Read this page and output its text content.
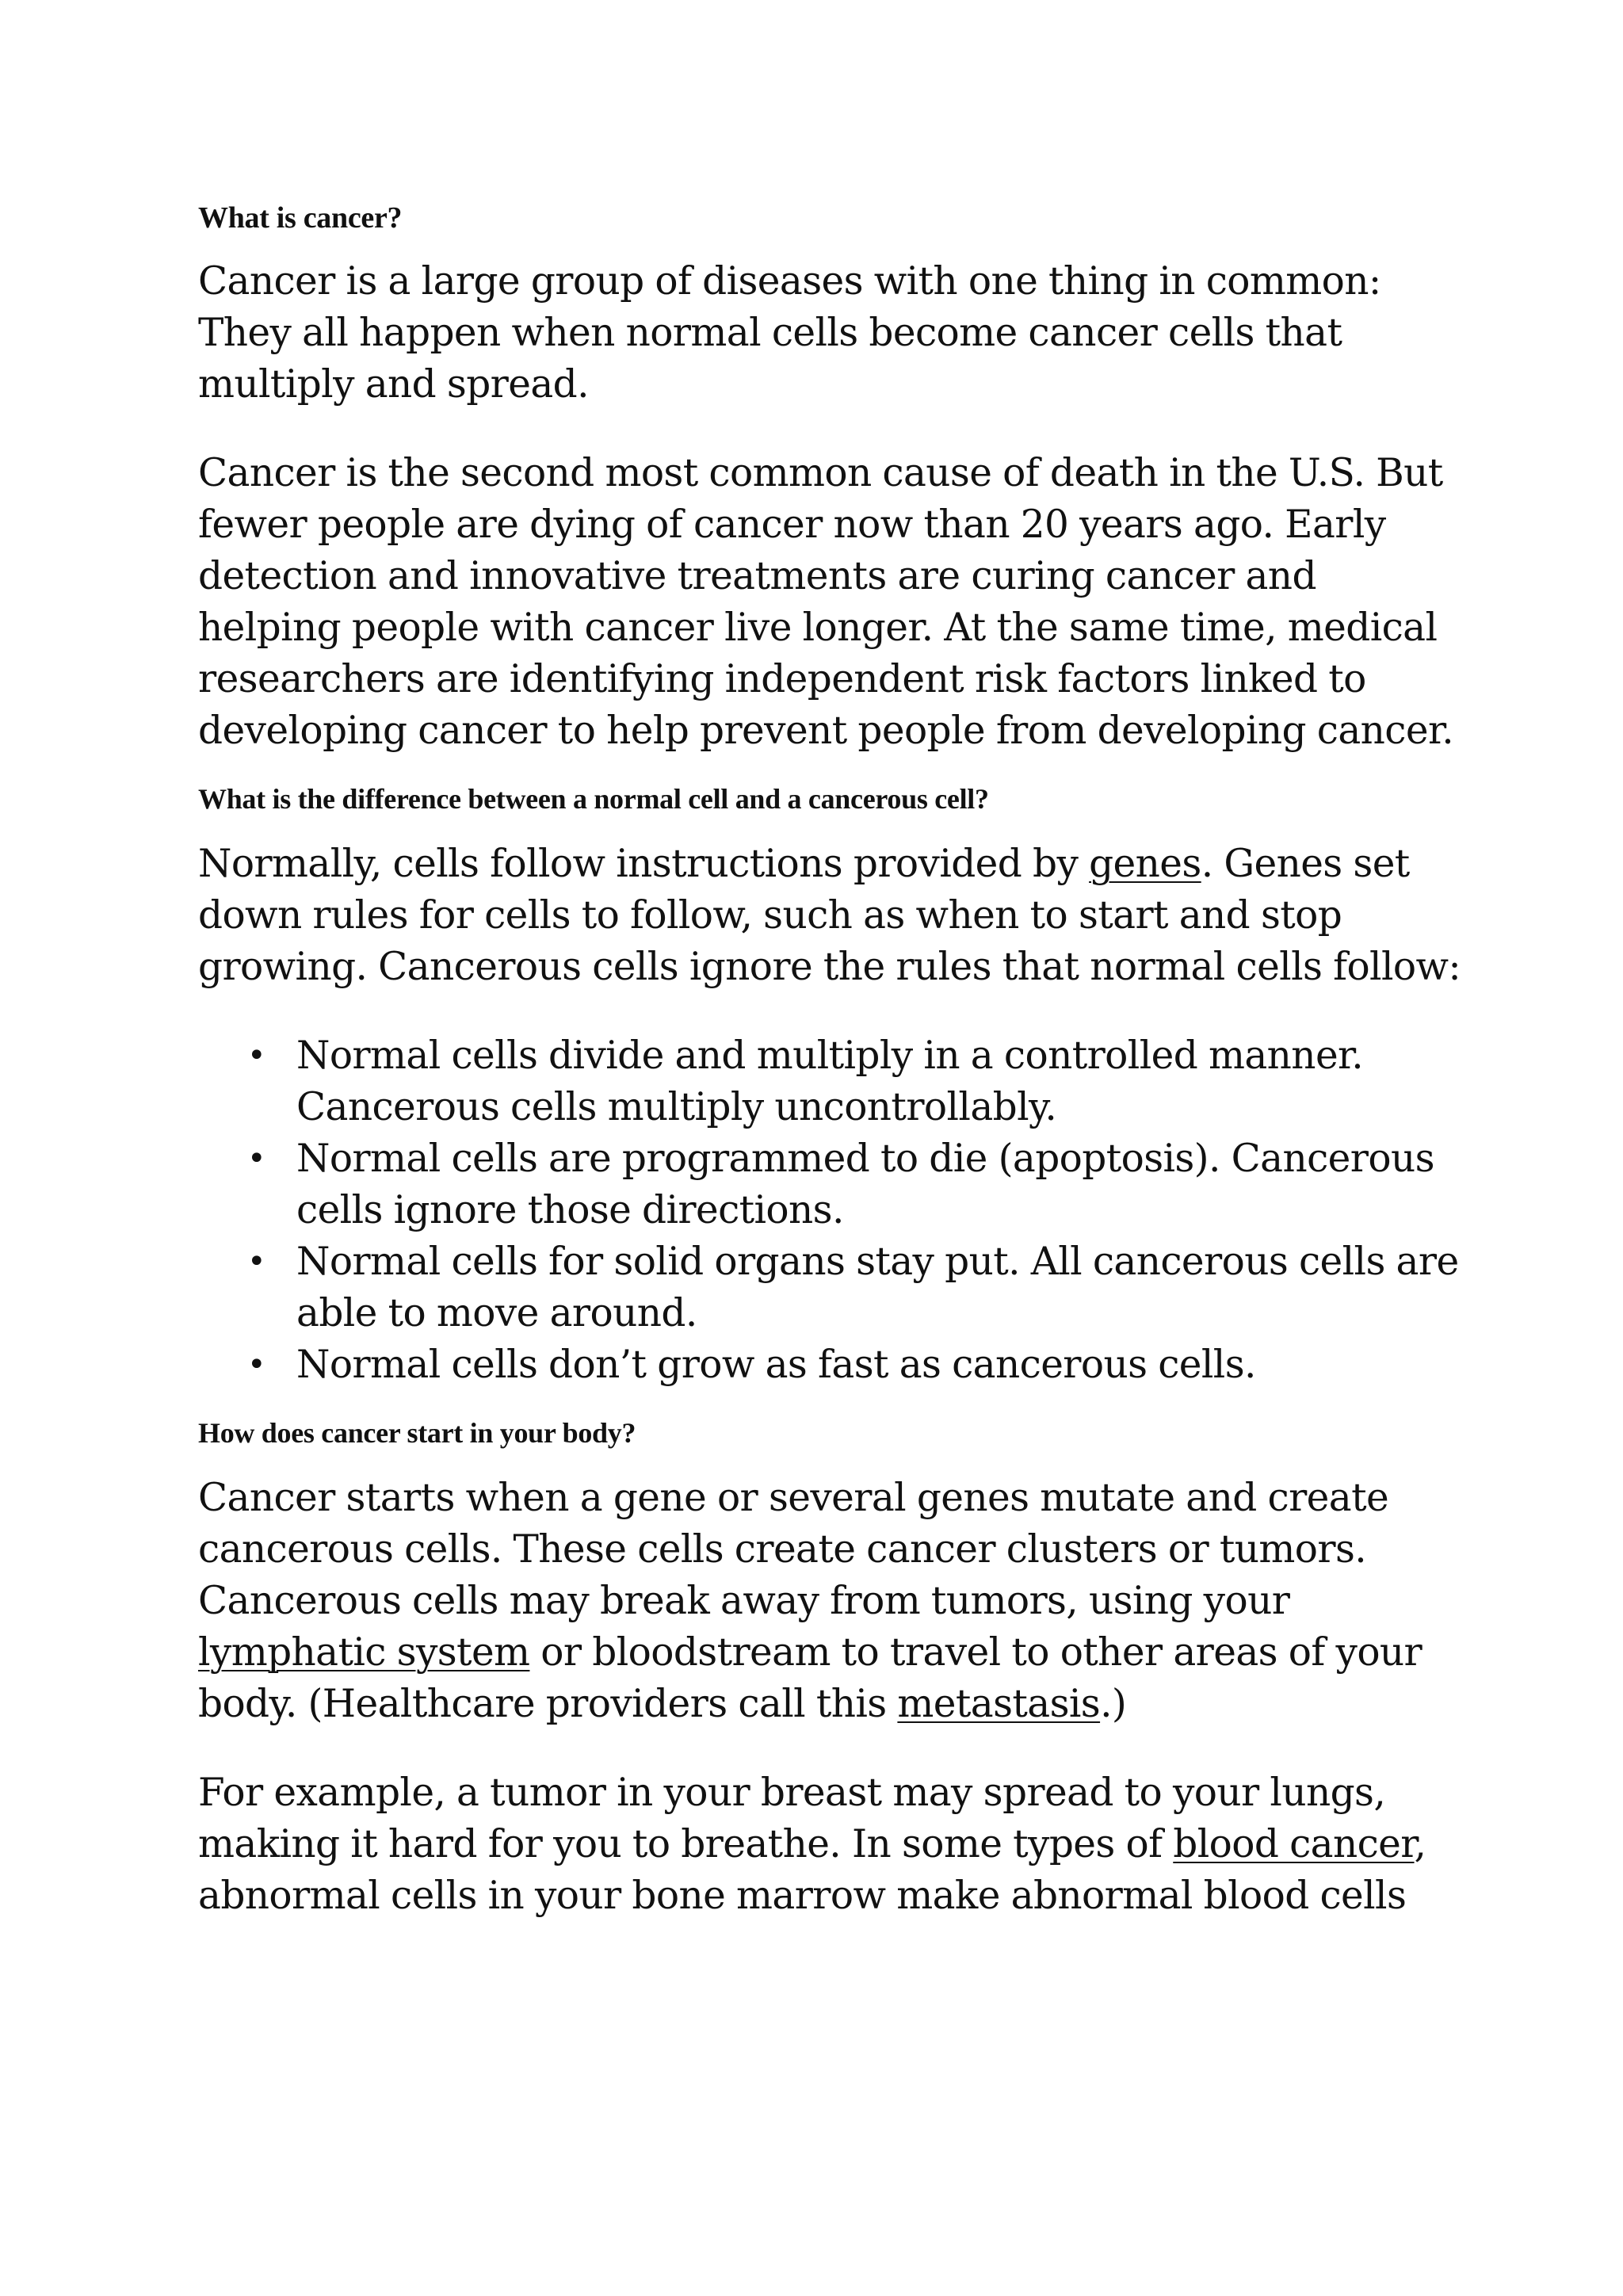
What is cancer?

Cancer is a large group of diseases with one thing in common: They all happen when normal cells become cancer cells that multiply and spread.

Cancer is the second most common cause of death in the U.S. But fewer people are dying of cancer now than 20 years ago. Early detection and innovative treatments are curing cancer and helping people with cancer live longer. At the same time, medical researchers are identifying independent risk factors linked to developing cancer to help prevent people from developing cancer.

What is the difference between a normal cell and a cancerous cell?

Normally, cells follow instructions provided by genes. Genes set down rules for cells to follow, such as when to start and stop growing. Cancerous cells ignore the rules that normal cells follow:

• Normal cells divide and multiply in a controlled manner. Cancerous cells multiply uncontrollably.
• Normal cells are programmed to die (apoptosis). Cancerous cells ignore those directions.
• Normal cells for solid organs stay put. All cancerous cells are able to move around.
• Normal cells don’t grow as fast as cancerous cells.
How does cancer start in your body?

Cancer starts when a gene or several genes mutate and create cancerous cells. These cells create cancer clusters or tumors. Cancerous cells may break away from tumors, using your lymphatic system or bloodstream to travel to other areas of your body. (Healthcare providers call this metastasis.)

For example, a tumor in your breast may spread to your lungs, making it hard for you to breathe. In some types of blood cancer, abnormal cells in your bone marrow make abnormal blood cells
